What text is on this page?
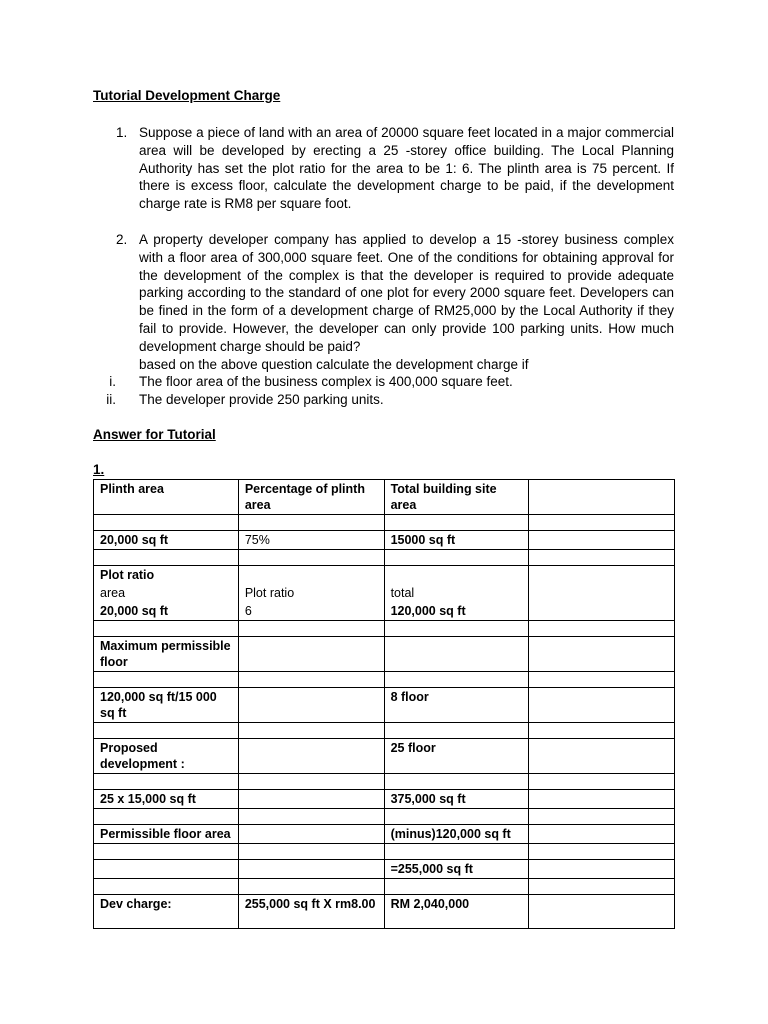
Tutorial Development Charge
1. Suppose a piece of land with an area of 20000 square feet located in a major commercial area will be developed by erecting a 25 -storey office building. The Local Planning Authority has set the plot ratio for the area to be 1: 6. The plinth area is 75 percent. If there is excess floor, calculate the development charge to be paid, if the development charge rate is RM8 per square foot.

2. A property developer company has applied to develop a 15 -storey business complex with a floor area of 300,000 square feet. One of the conditions for obtaining approval for the development of the complex is that the developer is required to provide adequate parking according to the standard of one plot for every 2000 square feet. Developers can be fined in the form of a development charge of RM25,000 by the Local Authority if they fail to provide. However, the developer can only provide 100 parking units. How much development charge should be paid?

based on the above question calculate the development charge if

i. The floor area of the business complex is 400,000 square feet.
ii. The developer provide 250 parking units.
Answer for Tutorial
1.
Plinth area	Percentage of plinth area	Total building site area	

20,000 sq ft	75%	15000 sq ft	

Plot ratio			
area	Plot ratio	total	
20,000 sq ft	6	120,000 sq ft	

Maximum permissible floor			

120,000 sq ft/15 000 sq ft		8 floor	

Proposed development :		25 floor	

25 x 15,000 sq ft		375,000 sq ft	

Permissible floor area		(minus)120,000 sq ft	

		=255,000 sq ft	

Dev charge:	255,000 sq ft X rm8.00	RM 2,040,000	
